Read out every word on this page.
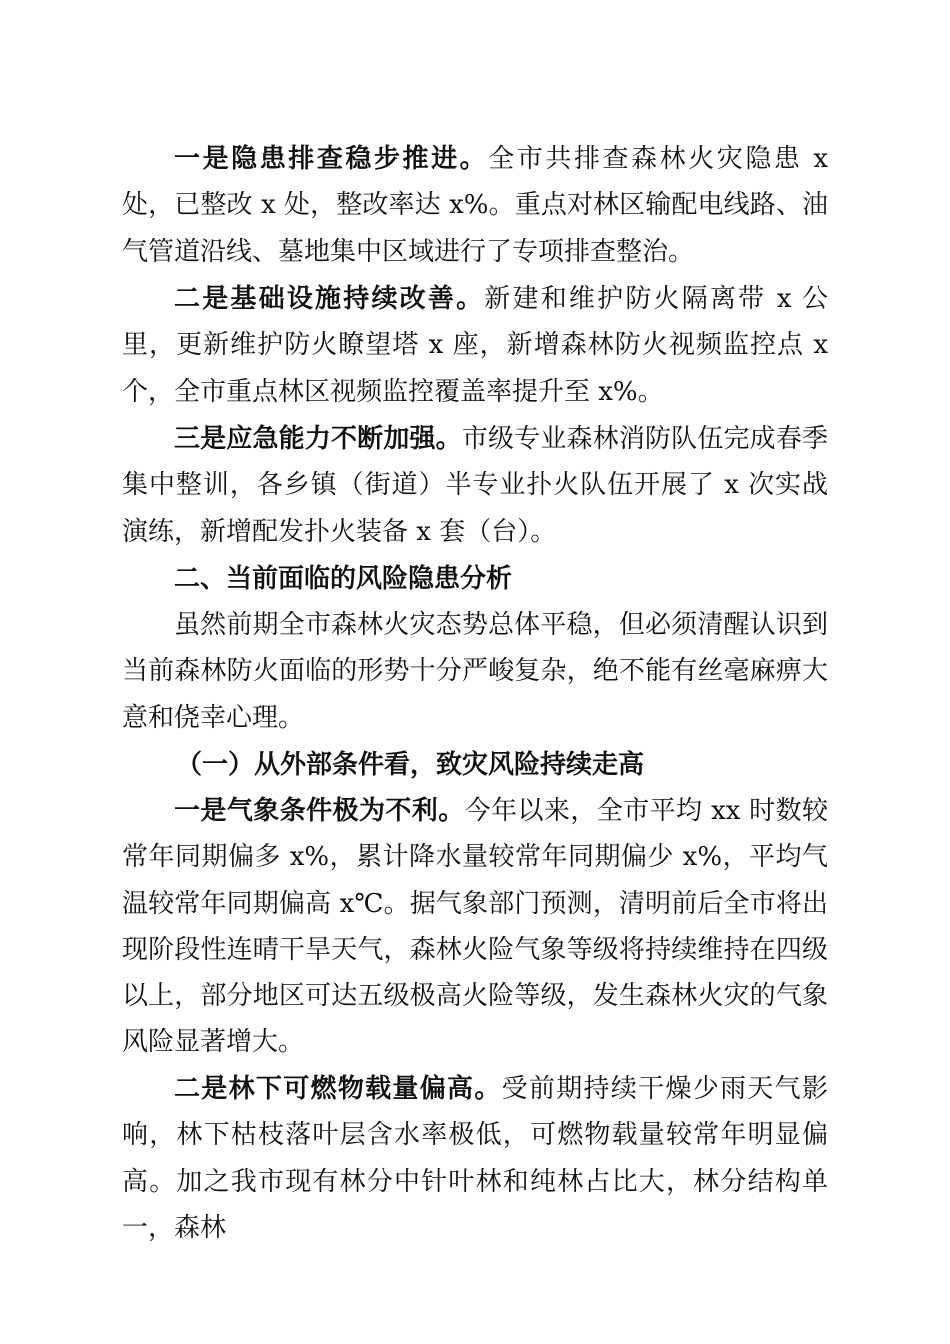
一是隐患排查稳步推进。全市共排查森林火灾隐患 x 处，已整改 x 处，整改率达 x%。重点对林区输配电线路、油气管道沿线、墓地集中区域进行了专项排查整治。

二是基础设施持续改善。新建和维护防火隔离带 x 公里，更新维护防火瞭望塔 x 座，新增森林防火视频监控点 x 个，全市重点林区视频监控覆盖率提升至 x%。

三是应急能力不断加强。市级专业森林消防队伍完成春季集中整训，各乡镇（街道）半专业扑火队伍开展了 x 次实战演练，新增配发扑火装备 x 套（台）。

二、当前面临的风险隐患分析

虽然前期全市森林火灾态势总体平稳，但必须清醒认识到当前森林防火面临的形势十分严峻复杂，绝不能有丝毫麻痹大意和侥幸心理。

（一）从外部条件看，致灾风险持续走高

一是气象条件极为不利。今年以来，全市平均 xx 时数较常年同期偏多 x%，累计降水量较常年同期偏少 x%，平均气温较常年同期偏高 x℃。据气象部门预测，清明前后全市将出现阶段性连晴干旱天气，森林火险气象等级将持续维持在四级以上，部分地区可达五级极高火险等级，发生森林火灾的气象风险显著增大。

二是林下可燃物载量偏高。受前期持续干燥少雨天气影响，林下枯枝落叶层含水率极低，可燃物载量较常年明显偏高。加之我市现有林分中针叶林和纯林占比大，林分结构单一，森林
